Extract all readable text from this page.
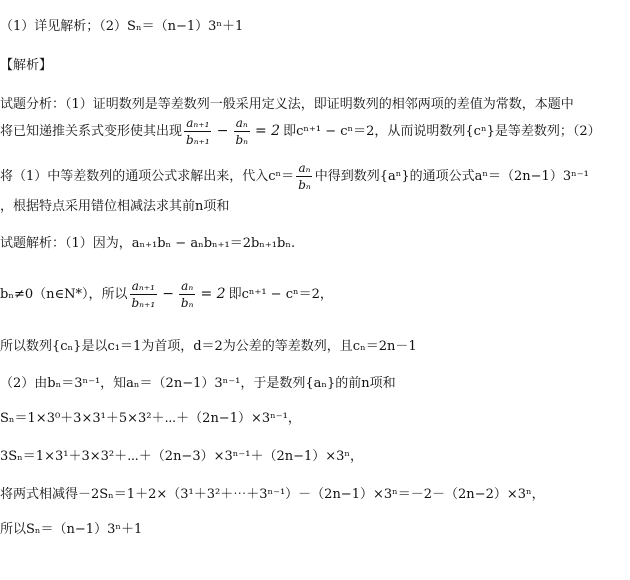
（1）详见解析；（2）Sₙ＝（n−1）3ⁿ＋1
【解析】
试题分析：（1）证明数列是等差数列一般采用定义法，即证明数列的相邻两项的差值为常数，本题中
将已知递推关系式变形使其出现 $\frac{\text{aₙ₊₁}}{\text{bₙ₊₁}} - \frac{\text{aₙ}}{\text{bₙ}} = 2$ 即cⁿ⁺¹ − cⁿ＝2，从而说明数列{cⁿ}是等差数列；（2）
将（1）中等差数列的通项公式求解出来，代入$c^n= \frac{\text{aₙ}}{\text{bₙ}}$ 中得到数列{aⁿ}的通项公式aⁿ＝（2n−1）3ⁿ⁻¹
，根据特点采用错位相减法求其前n项和
试题解析：（1）因为，aₙ₊₁bₙ − aₙbₙ₊₁＝2bₙ₊₁bₙ.
bₙ≠0（n∈N*），所以 $\frac{\text{aₙ₊₁}}{\text{bₙ₊₁}} - \frac{\text{aₙ}}{\text{bₙ}} = 2$ 即cⁿ⁺¹ − cⁿ＝2，
所以数列{cₙ}是以c₁＝1为首项，d＝2为公差的等差数列，且cₙ＝2n－1
（2）由bₙ＝3ⁿ⁻¹，知aₙ＝（2n−1）3ⁿ⁻¹，于是数列{aₙ}的前n项和
Sₙ＝1×3⁰＋3×3¹＋5×3²＋⋯＋（2n−1）×3ⁿ⁻¹，
3Sₙ＝1×3¹＋3×3²＋⋯＋（2n−3）×3ⁿ⁻¹＋（2n−1）×3ⁿ，
将两式相减得－2Sₙ＝1＋2×（3¹＋3²＋⋯＋3ⁿ⁻¹）－（2n−1）×3ⁿ＝－2－（2n−2）×3ⁿ，
所以Sₙ＝（n−1）3ⁿ＋1
